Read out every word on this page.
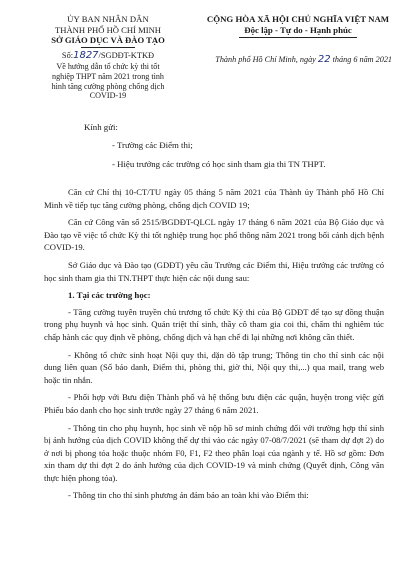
ỦY BAN NHÂN DÂN
THÀNH PHỐ HỒ CHÍ MINH
SỞ GIÁO DỤC VÀ ĐÀO TẠO
Số:1827/SGDĐT-KTKĐ
Về hướng dẫn tổ chức kỳ thi tốt
nghiệp THPT năm 2021 trong tình
hình tăng cường phòng chống dịch
COVID-19
CỘNG HÒA XÃ HỘI CHỦ NGHĨA VIỆT NAM
Độc lập - Tự do - Hạnh phúc
Thành phố Hồ Chí Minh, ngày 22 tháng 6 năm 2021
Kính gửi:
- Trường các Điểm thi;
- Hiệu trưởng các trường có học sinh tham gia thi TN THPT.

Căn cứ Chỉ thị 10-CT/TU ngày 05 tháng 5 năm 2021 của Thành ủy Thành phố Hồ Chí Minh về tiếp tục tăng cường phòng, chống dịch COVID 19;

Căn cứ Công văn số 2515/BGDĐT-QLCL ngày 17 tháng 6 năm 2021 của Bộ Giáo dục và Đào tạo về việc tổ chức Kỳ thi tốt nghiệp trung học phổ thông năm 2021 trong bối cảnh dịch bệnh COVID-19.

Sở Giáo dục và Đào tạo (GDĐT) yêu cầu Trường các Điểm thi, Hiệu trưởng các trường có học sinh tham gia thi TN.THPT thực hiện các nội dung sau:

1. Tại các trường học:

- Tăng cường tuyên truyền chủ trương tổ chức Kỳ thi của Bộ GDĐT để tạo sự đồng thuận trong phụ huynh và học sinh. Quán triệt thí sinh, thầy cô tham gia coi thi, chấm thi nghiêm túc chấp hành các quy định về phòng, chống dịch và hạn chế đi lại những nơi không cần thiết.

- Không tổ chức sinh hoạt Nội quy thi, dặn dò tập trung; Thông tin cho thí sinh các nội dung liên quan (Số báo danh, Điểm thi, phòng thi, giờ thi, Nội quy thi,...) qua mail, trang web hoặc tin nhắn.

- Phối hợp với Bưu điện Thành phố và hệ thống bưu điện các quận, huyện trong việc gửi Phiếu báo danh cho học sinh trước ngày 27 tháng 6 năm 2021.

- Thông tin cho phụ huynh, học sinh về nộp hồ sơ minh chứng đối với trường hợp thí sinh bị ảnh hưởng của dịch COVID không thể dự thi vào các ngày 07-08/7/2021 (sẽ tham dự đợt 2) do ở nơi bị phong tỏa hoặc thuộc nhóm F0, F1, F2 theo phân loại của ngành y tế. Hồ sơ gồm: Đơn xin tham dự thi đợt 2 do ảnh hưởng của dịch COVID-19 và minh chứng (Quyết định, Công văn thực hiện phong tỏa).

- Thông tin cho thí sinh phương án đảm bảo an toàn khi vào Điểm thi:
